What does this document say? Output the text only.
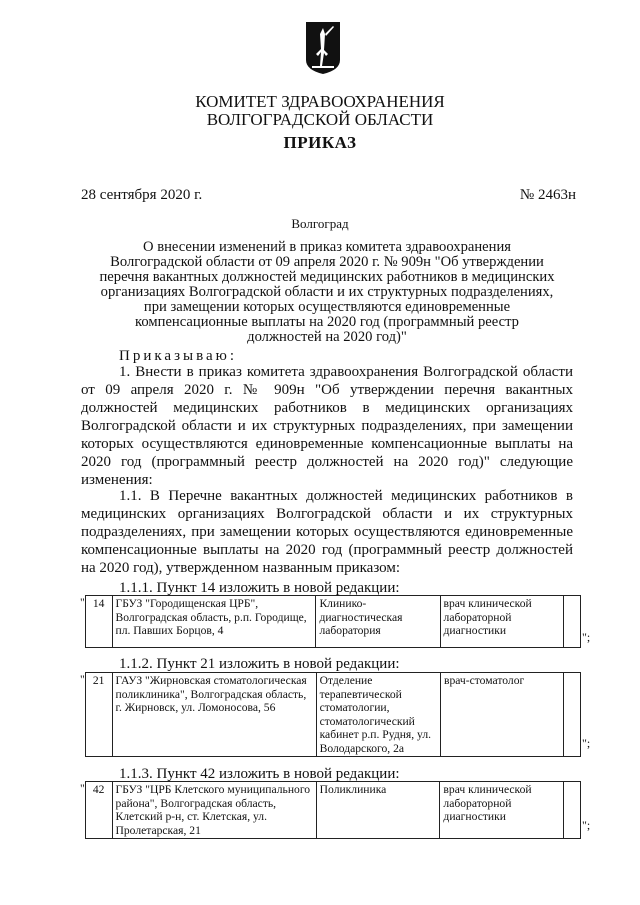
КОМИТЕТ ЗДРАВООХРАНЕНИЯ
ВОЛГОГРАДСКОЙ ОБЛАСТИ
ПРИКАЗ
28 сентября 2020 г.	№ 2463н
Волгоград
О внесении изменений в приказ комитета здравоохранения
Волгоградской области от 09 апреля 2020 г. № 909н "Об утверждении
перечня вакантных должностей медицинских работников в медицинских
организациях Волгоградской области и их структурных подразделениях,
при замещении которых осуществляются единовременные
компенсационные выплаты на 2020 год (программный реестр
должностей на 2020 год)"

Приказываю:

1. Внести в приказ комитета здравоохранения Волгоградской области от 09 апреля 2020 г. № 909н "Об утверждении перечня вакантных должностей медицинских работников в медицинских организациях Волгоградской области и их структурных подразделениях, при замещении которых осуществляются единовременные компенсационные выплаты на 2020 год (программный реестр должностей на 2020 год)" следующие изменения:

1.1. В Перечне вакантных должностей медицинских работников в медицинских организациях Волгоградской области и их структурных подразделениях, при замещении которых осуществляются единовременные компенсационные выплаты на 2020 год (программный реестр должностей на 2020 год), утвержденном названным приказом:

1.1.1. Пункт 14 изложить в новой редакции:
"	14	ГБУЗ "Городищенская ЦРБ", Волгоградская область, р.п. Городище, пл. Павших Борцов, 4	Клинико-диагностическая лаборатория	врач клинической лабораторной диагностики		";
1.1.2. Пункт 21 изложить в новой редакции:
"	21	ГАУЗ "Жирновская стоматологическая поликлиника", Волгоградская область, г. Жирновск, ул. Ломоносова, 56	Отделение терапевтической стоматологии, стоматологический кабинет р.п. Рудня, ул. Володарского, 2а	врач-стоматолог	
";
1.1.3. Пункт 42 изложить в новой редакции:
"	42	ГБУЗ "ЦРБ Клетского муниципального района", Волгоградская область, Клетский р-н, ст. Клетская, ул. Пролетарская, 21	Поликлиника	врач клинической лабораторной диагностики	
";
